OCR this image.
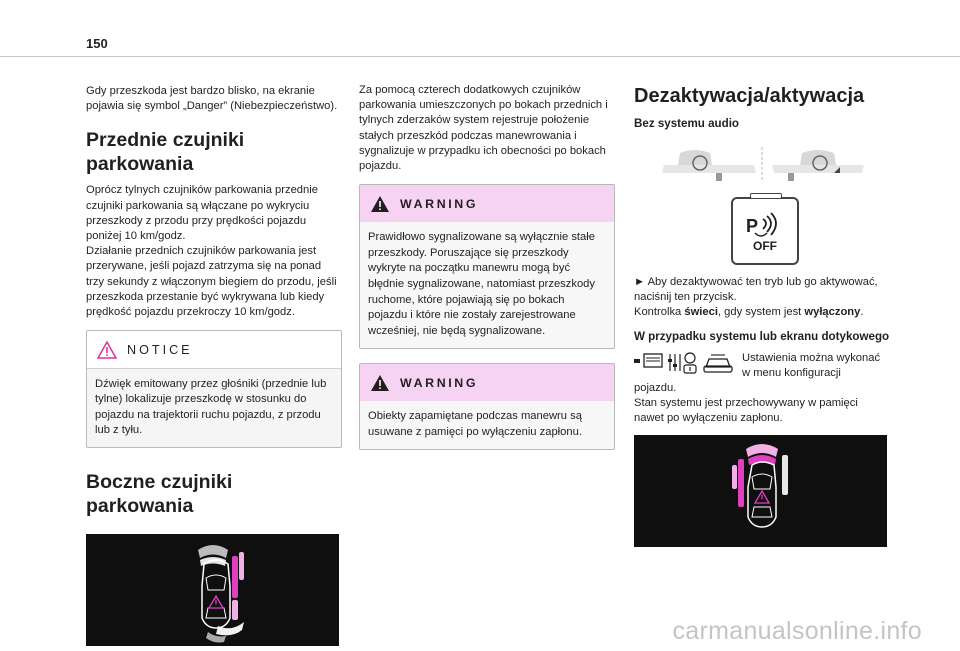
150

Gdy przeszkoda jest bardzo blisko, na ekranie pojawia się symbol „Danger” (Niebezpieczeństwo).

Przednie czujniki parkowania

Oprócz tylnych czujników parkowania przednie czujniki parkowania są włączane po wykryciu przeszkody z przodu przy prędkości pojazdu poniżej 10 km/godz.
Działanie przednich czujników parkowania jest przerywane, jeśli pojazd zatrzyma się na ponad trzy sekundy z włączonym biegiem do przodu, jeśli przeszkoda przestanie być wykrywana lub kiedy prędkość pojazdu przekroczy 10 km/godz.

NOTICE

Dźwięk emitowany przez głośniki (przednie lub tylne) lokalizuje przeszkodę w stosunku do pojazdu na trajektorii ruchu pojazdu, z przodu lub z tyłu.

Boczne czujniki parkowania

Za pomocą czterech dodatkowych czujników parkowania umieszczonych po bokach przednich i tylnych zderzaków system rejestruje położenie stałych przeszkód podczas manewrowania i sygnalizuje w przypadku ich obecności po bokach pojazdu.

WARNING

Prawidłowo sygnalizowane są wyłącznie stałe przeszkody. Poruszające się przeszkody wykryte na początku manewru mogą być błędnie sygnalizowane, natomiast przeszkody ruchome, które pojawiają się po bokach pojazdu i które nie zostały zarejestrowane wcześniej, nie będą sygnalizowane.

WARNING

Obiekty zapamiętane podczas manewru są usuwane z pamięci po wyłączeniu zapłonu.

Dezaktywacja/aktywacja
Bez systemu audio
P
OFF

► Aby dezaktywować ten tryb lub go aktywować, naciśnij ten przycisk.
Kontrolka świeci, gdy system jest wyłączony.

W przypadku systemu lub ekranu dotykowego

Ustawienia można wykonać w menu konfiguracji

pojazdu.

Stan systemu jest przechowywany w pamięci nawet po wyłączeniu zapłonu.

carmanualsonline.info
